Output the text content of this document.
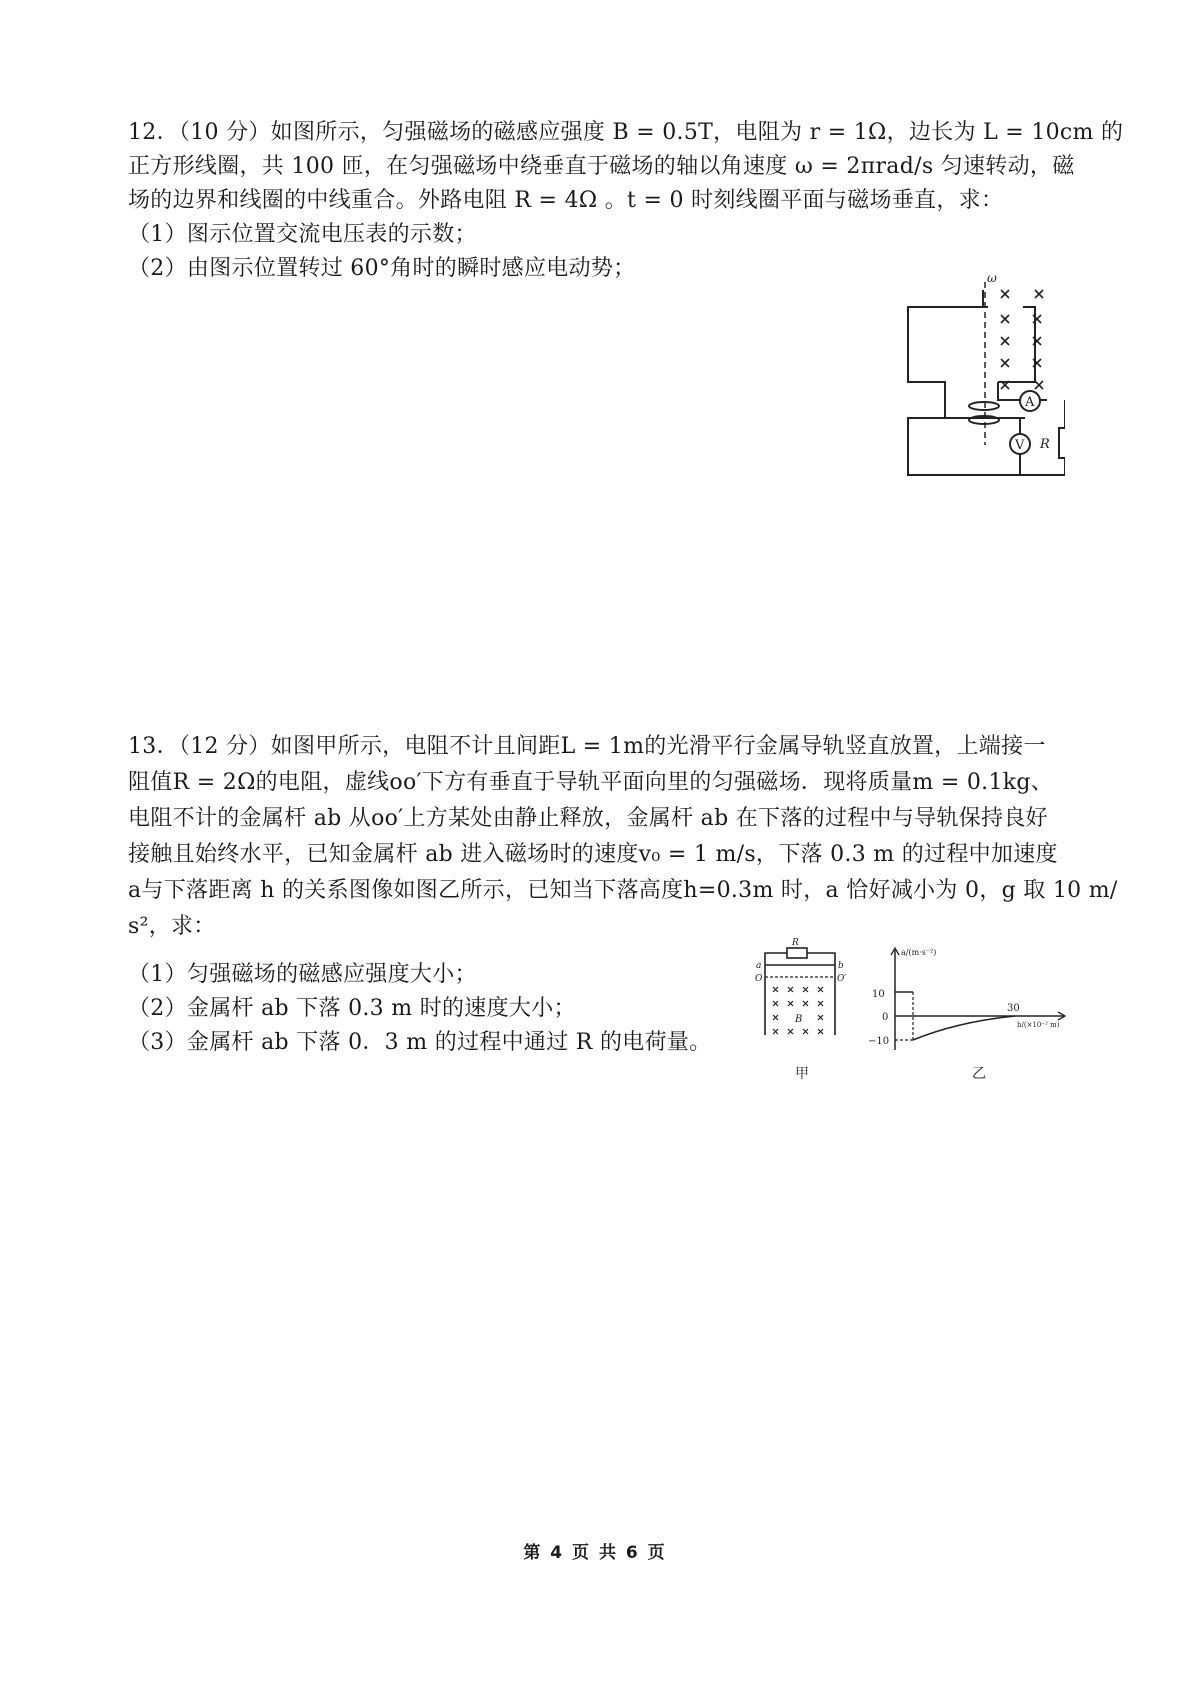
12．（10 分）如图所示，匀强磁场的磁感应强度 B = 0.5T，电阻为 r = 1Ω，边长为 L = 10cm 的
正方形线圈，共 100 匝，在匀强磁场中绕垂直于磁场的轴以角速度 ω = 2πrad/s 匀速转动，磁
场的边界和线圈的中线重合。外路电阻 R = 4Ω 。t = 0 时刻线圈平面与磁场垂直，求：
（1）图示位置交流电压表的示数；
（2）由图示位置转过 60°角时的瞬时感应电动势；	ω
A
V R
13．（12 分）如图甲所示，电阻不计且间距L = 1m的光滑平行金属导轨竖直放置，上端接一
阻值R = 2Ω的电阻，虚线oo′下方有垂直于导轨平面向里的匀强磁场．现将质量m = 0.1kg、
电阻不计的金属杆 ab 从oo′上方某处由静止释放，金属杆 ab 在下落的过程中与导轨保持良好
接触且始终水平，已知金属杆 ab 进入磁场时的速度v₀ = 1 m/s，下落 0.3 m 的过程中加速度
a与下落距离 h 的关系图像如图乙所示，已知当下落高度h=0.3m 时，a 恰好减小为 0，g 取 10 m/
s²，求：
（1）匀强磁场的磁感应强度大小；
（2）金属杆 ab 下落 0.3 m 时的速度大小；
（3）金属杆 ab 下落 0．3 m 的过程中通过 R 的电荷量。
R
a	b
O	O′
B
甲
10
0
−10
30
a/(m·s⁻²)
h/(×10⁻² m)
乙
第 4 页 共 6 页
